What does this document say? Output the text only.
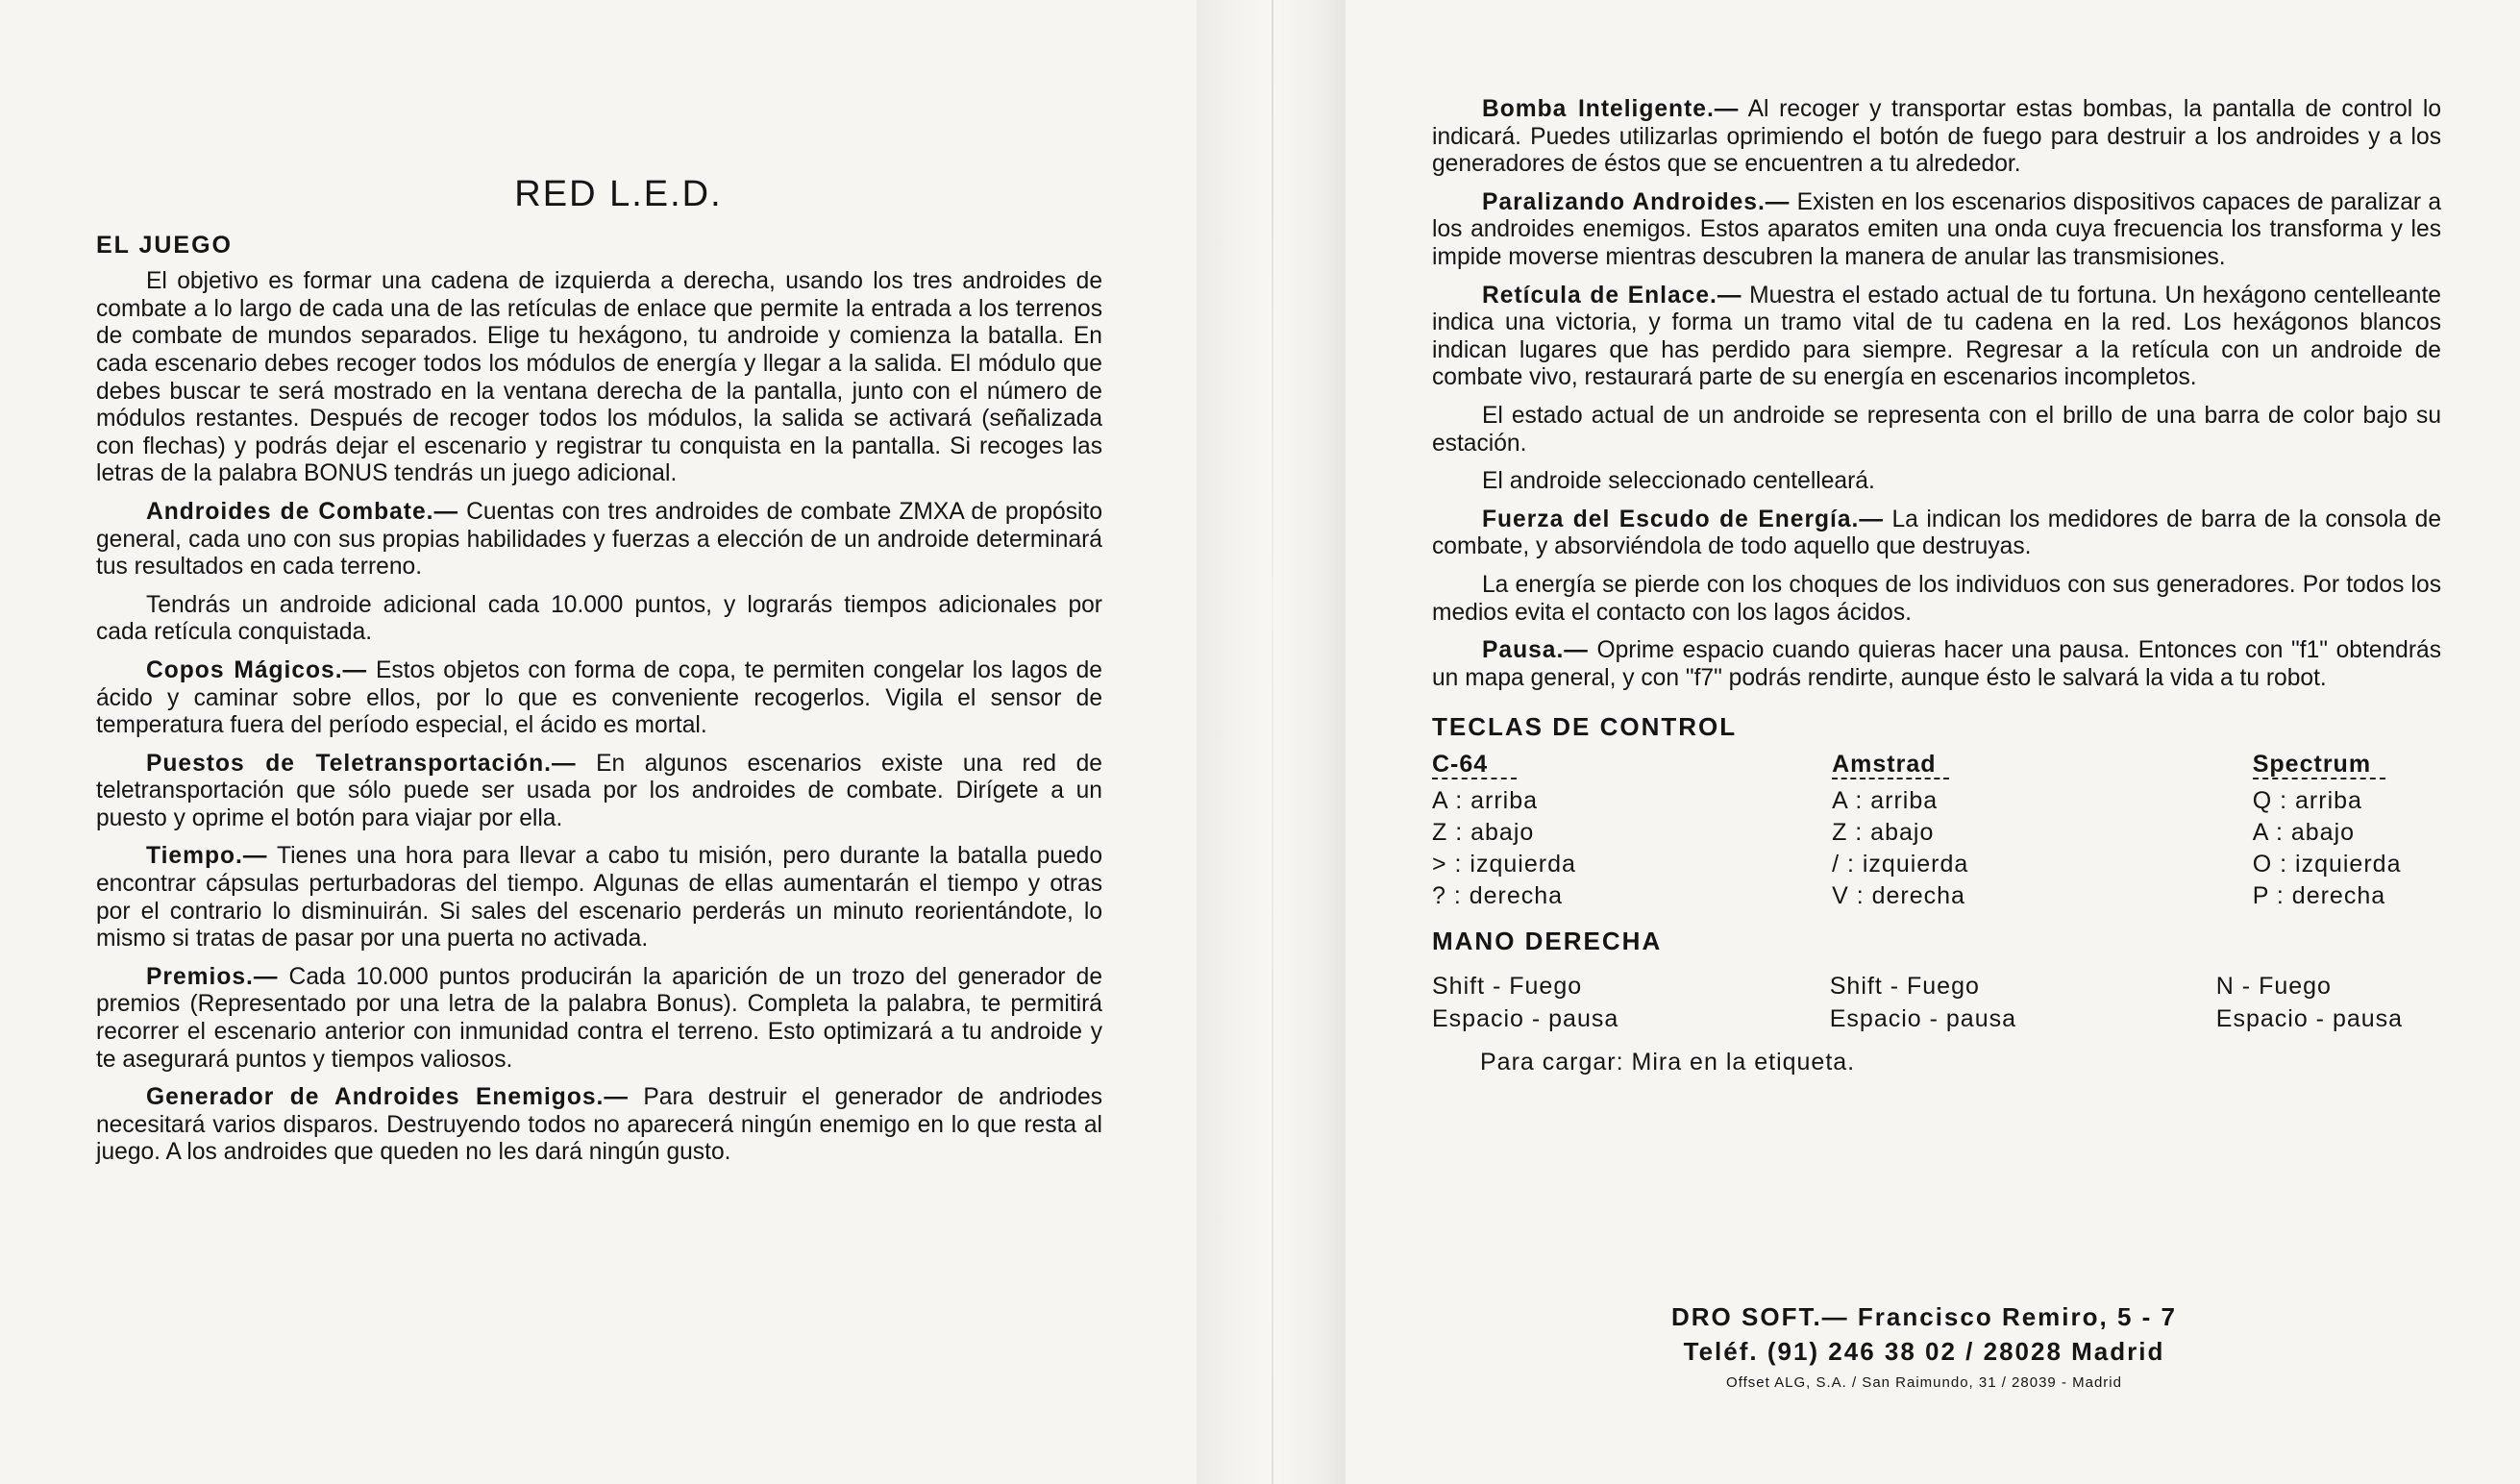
RED L.E.D.
EL JUEGO

El objetivo es formar una cadena de izquierda a derecha, usando los tres androides de combate a lo largo de cada una de las retículas de enlace que permite la entrada a los terrenos de combate de mundos separados. Elige tu hexágono, tu androide y comienza la batalla. En cada escenario debes recoger todos los módulos de energía y llegar a la salida. El módulo que debes buscar te será mostrado en la ventana derecha de la pantalla, junto con el número de módulos restantes. Después de recoger todos los módulos, la salida se activará (señalizada con flechas) y podrás dejar el escenario y registrar tu conquista en la pantalla. Si recoges las letras de la palabra BONUS tendrás un juego adicional.

Androides de Combate.— Cuentas con tres androides de combate ZMXA de propósito general, cada uno con sus propias habilidades y fuerzas a elección de un androide determinará tus resultados en cada terreno.

Tendrás un androide adicional cada 10.000 puntos, y lograrás tiempos adicionales por cada retícula conquistada.

Copos Mágicos.— Estos objetos con forma de copa, te permiten congelar los lagos de ácido y caminar sobre ellos, por lo que es conveniente recogerlos. Vigila el sensor de temperatura fuera del período especial, el ácido es mortal.

Puestos de Teletransportación.— En algunos escenarios existe una red de teletransportación que sólo puede ser usada por los androides de combate. Dirígete a un puesto y oprime el botón para viajar por ella.

Tiempo.— Tienes una hora para llevar a cabo tu misión, pero durante la batalla puedo encontrar cápsulas perturbadoras del tiempo. Algunas de ellas aumentarán el tiempo y otras por el contrario lo disminuirán. Si sales del escenario perderás un minuto reorientándote, lo mismo si tratas de pasar por una puerta no activada.

Premios.— Cada 10.000 puntos producirán la aparición de un trozo del generador de premios (Representado por una letra de la palabra Bonus). Completa la palabra, te permitirá recorrer el escenario anterior con inmunidad contra el terreno. Esto optimizará a tu androide y te asegurará puntos y tiempos valiosos.

Generador de Androides Enemigos.— Para destruir el generador de andriodes necesitará varios disparos. Destruyendo todos no aparecerá ningún enemigo en lo que resta al juego. A los androides que queden no les dará ningún gusto.

Bomba Inteligente.— Al recoger y transportar estas bombas, la pantalla de control lo indicará. Puedes utilizarlas oprimiendo el botón de fuego para destruir a los androides y a los generadores de éstos que se encuentren a tu alrededor.

Paralizando Androides.— Existen en los escenarios dispositivos capaces de paralizar a los androides enemigos. Estos aparatos emiten una onda cuya frecuencia los transforma y les impide moverse mientras descubren la manera de anular las transmisiones.

Retícula de Enlace.— Muestra el estado actual de tu fortuna. Un hexágono centelleante indica una victoria, y forma un tramo vital de tu cadena en la red. Los hexágonos blancos indican lugares que has perdido para siempre. Regresar a la retícula con un androide de combate vivo, restaurará parte de su energía en escenarios incompletos.

El estado actual de un androide se representa con el brillo de una barra de color bajo su estación.

El androide seleccionado centelleará.

Fuerza del Escudo de Energía.— La indican los medidores de barra de la consola de combate, y absorviéndola de todo aquello que destruyas.

La energía se pierde con los choques de los individuos con sus generadores. Por todos los medios evita el contacto con los lagos ácidos.

Pausa.— Oprime espacio cuando quieras hacer una pausa. Entonces con "f1" obtendrás un mapa general, y con "f7" podrás rendirte, aunque ésto le salvará la vida a tu robot.

TECLAS DE CONTROL
C-64
A : arriba
Z : abajo
> : izquierda
? : derecha
Amstrad
A : arriba
Z : abajo
/ : izquierda
V : derecha
Spectrum
Q : arriba
A : abajo
O : izquierda
P : derecha
MANO DERECHA
Shift - Fuego
Espacio - pausa
Shift - Fuego
Espacio - pausa
N - Fuego
Espacio - pausa
Para cargar: Mira en la etiqueta.
DRO SOFT.— Francisco Remiro, 5 - 7
Teléf. (91) 246 38 02 / 28028 Madrid
Offset ALG, S.A. / San Raimundo, 31 / 28039 - Madrid
